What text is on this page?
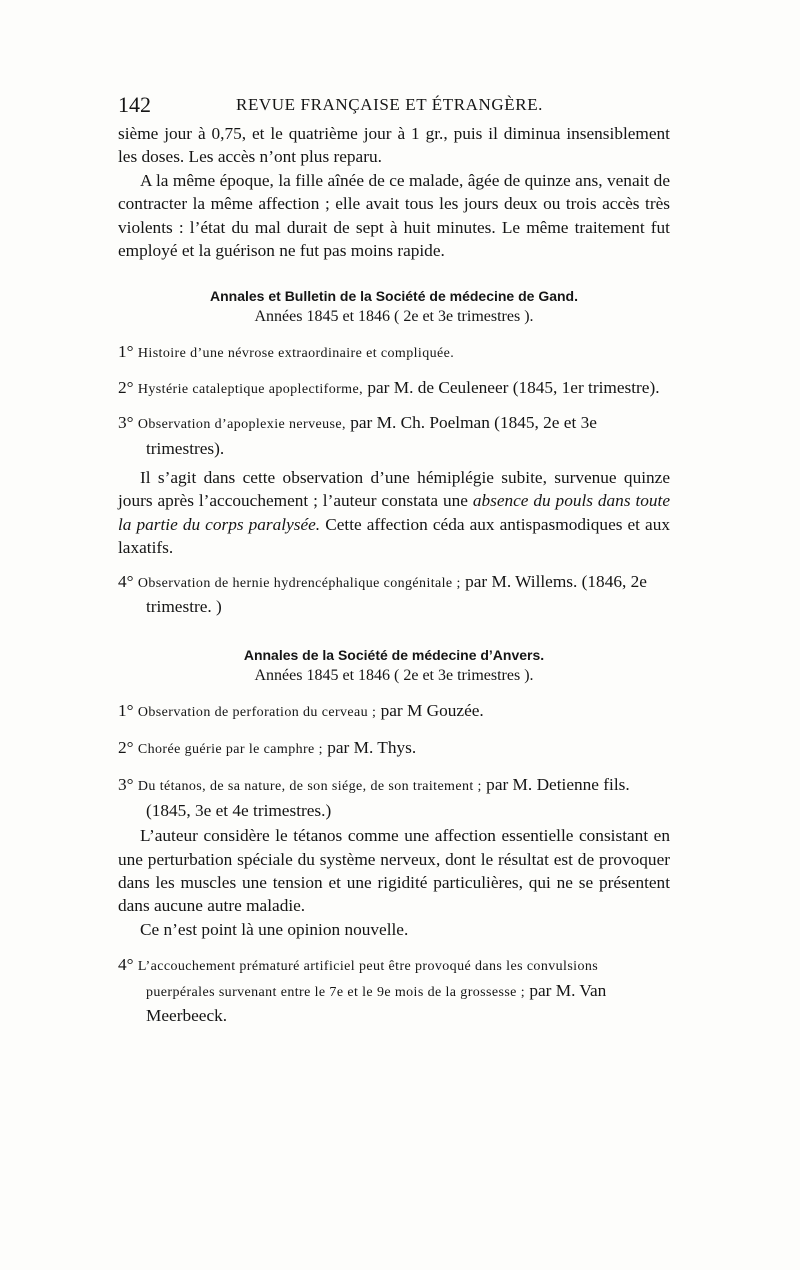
142	REVUE FRANÇAISE ET ÉTRANGÈRE.

sième jour à 0,75, et le quatrième jour à 1 gr., puis il diminua insensiblement les doses. Les accès n’ont plus reparu.

A la même époque, la fille aînée de ce malade, âgée de quinze ans, venait de contracter la même affection ; elle avait tous les jours deux ou trois accès très violents : l’état du mal durait de sept à huit minutes. Le même traitement fut employé et la guérison ne fut pas moins rapide.

Annales et Bulletin de la Société de médecine de Gand.
Années 1845 et 1846 ( 2e et 3e trimestres ).

1° Histoire d’une névrose extraordinaire et compliquée.

2° Hystérie cataleptique apoplectiforme, par M. de Ceuleneer (1845, 1er trimestre).

3° Observation d’apoplexie nerveuse, par M. Ch. Poelman (1845, 2e et 3e trimestres).

Il s’agit dans cette observation d’une hémiplégie subite, survenue quinze jours après l’accouchement ; l’auteur constata une absence du pouls dans toute la partie du corps paralysée. Cette affection céda aux antispasmodiques et aux laxatifs.

4° Observation de hernie hydrencéphalique congénitale ; par M. Willems. (1846, 2e trimestre. )

Annales de la Société de médecine d’Anvers.
Années 1845 et 1846 ( 2e et 3e trimestres ).

1° Observation de perforation du cerveau ; par M Gouzée.

2° Chorée guérie par le camphre ; par M. Thys.

3° Du tétanos, de sa nature, de son siége, de son traitement ; par M. Detienne fils. (1845, 3e et 4e trimestres.)

L’auteur considère le tétanos comme une affection essentielle consistant en une perturbation spéciale du système nerveux, dont le résultat est de provoquer dans les muscles une tension et une rigidité particulières, qui ne se présentent dans aucune autre maladie.

Ce n’est point là une opinion nouvelle.

4° L’accouchement prématuré artificiel peut être provoqué dans les convulsions puerpérales survenant entre le 7e et le 9e mois de la grossesse ; par M. Van Meerbeeck.
